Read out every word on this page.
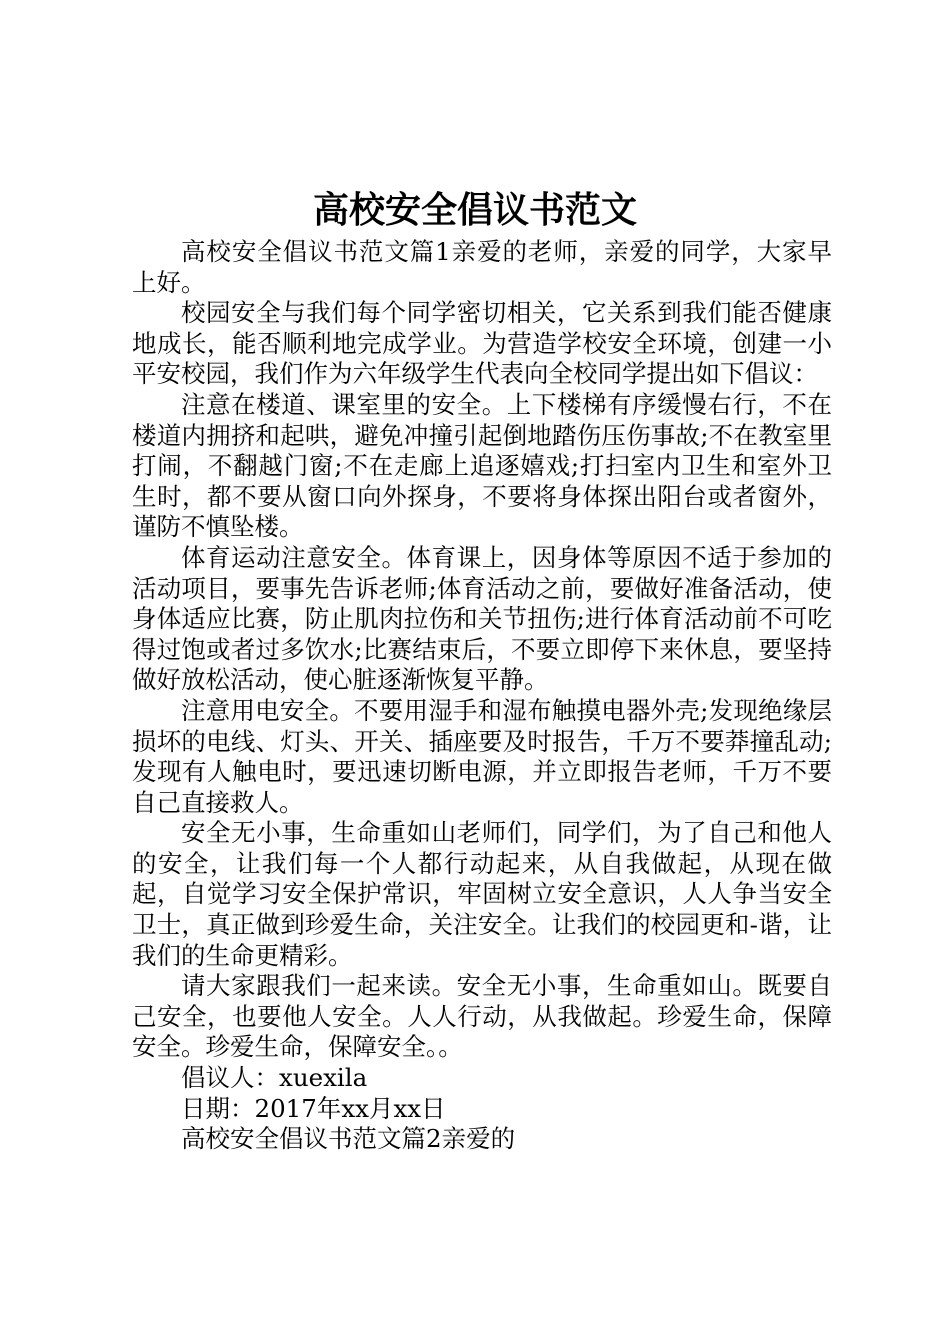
高校安全倡议书范文

高校安全倡议书范文篇1亲爱的老师，亲爱的同学，大家早上好。

校园安全与我们每个同学密切相关，它关系到我们能否健康地成长，能否顺利地完成学业。为营造学校安全环境，创建一小平安校园，我们作为六年级学生代表向全校同学提出如下倡议：

注意在楼道、课室里的安全。上下楼梯有序缓慢右行，不在楼道内拥挤和起哄，避免冲撞引起倒地踏伤压伤事故;不在教室里打闹，不翻越门窗;不在走廊上追逐嬉戏;打扫室内卫生和室外卫生时，都不要从窗口向外探身，不要将身体探出阳台或者窗外，谨防不慎坠楼。

体育运动注意安全。体育课上，因身体等原因不适于参加的活动项目，要事先告诉老师;体育活动之前，要做好准备活动，使身体适应比赛，防止肌肉拉伤和关节扭伤;进行体育活动前不可吃得过饱或者过多饮水;比赛结束后，不要立即停下来休息，要坚持做好放松活动，使心脏逐渐恢复平静。

注意用电安全。不要用湿手和湿布触摸电器外壳;发现绝缘层损坏的电线、灯头、开关、插座要及时报告，千万不要莽撞乱动;发现有人触电时，要迅速切断电源，并立即报告老师，千万不要自己直接救人。

安全无小事，生命重如山老师们，同学们，为了自己和他人的安全，让我们每一个人都行动起来，从自我做起，从现在做起，自觉学习安全保护常识，牢固树立安全意识，人人争当安全卫士，真正做到珍爱生命，关注安全。让我们的校园更和-谐，让我们的生命更精彩。

请大家跟我们一起来读。安全无小事，生命重如山。既要自己安全，也要他人安全。人人行动，从我做起。珍爱生命，保障安全。珍爱生命，保障安全。。

倡议人：xuexila

日期：2017年xx月xx日

高校安全倡议书范文篇2亲爱的
